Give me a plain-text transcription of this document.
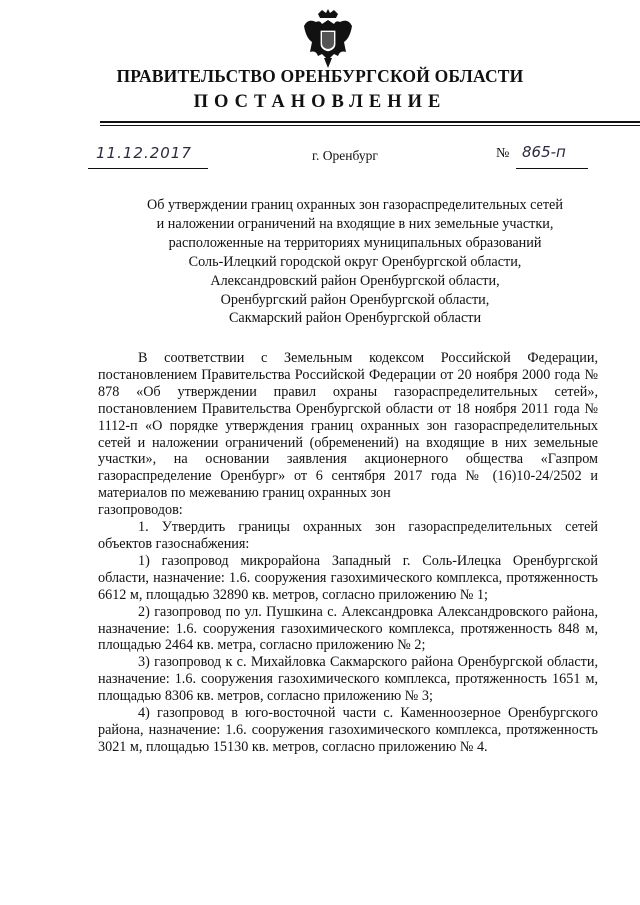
ПРАВИТЕЛЬСТВО ОРЕНБУРГСКОЙ ОБЛАСТИ
ПОСТАНОВЛЕНИЕ
11.12.2017	г. Оренбург	№ 865-п
Об утверждении границ охранных зон газораспределительных сетей
и наложении ограничений на входящие в них земельные участки,
расположенные на территориях муниципальных образований
Соль-Илецкий городской округ Оренбургской области,
Александровский район Оренбургской области,
Оренбургский район Оренбургской области,
Сакмарский район Оренбургской области

В соответствии с Земельным кодексом Российской Федерации, постановлением Правительства Российской Федерации от 20 ноября 2000 года № 878 «Об утверждении правил охраны газораспределительных сетей», постановлением Правительства Оренбургской области от 18 ноября 2011 года № 1112-п «О порядке утверждения границ охранных зон газораспределительных сетей и наложении ограничений (обременений) на входящие в них земельные участки», на основании заявления акционерного общества «Газпром газораспределение Оренбург» от 6 сентября 2017 года № (16)10-24/2502 и материалов по межеванию границ охранных зон

газопроводов:

1. Утвердить границы охранных зон газораспределительных сетей объектов газоснабжения:

1) газопровод микрорайона Западный г. Соль-Илецка Оренбургской области, назначение: 1.6. сооружения газохимического комплекса, протяженность 6612 м, площадью 32890 кв. метров, согласно приложению № 1;

2) газопровод по ул. Пушкина с. Александровка Александровского района, назначение: 1.6. сооружения газохимического комплекса, протяженность 848 м, площадью 2464 кв. метра, согласно приложению № 2;

3) газопровод к с. Михайловка Сакмарского района Оренбургской области, назначение: 1.6. сооружения газохимического комплекса, протяженность 1651 м, площадью 8306 кв. метров, согласно приложению № 3;

4) газопровод в юго-восточной части с. Каменноозерное Оренбургского района, назначение: 1.6. сооружения газохимического комплекса, протяженность 3021 м, площадью 15130 кв. метров, согласно приложению № 4.
